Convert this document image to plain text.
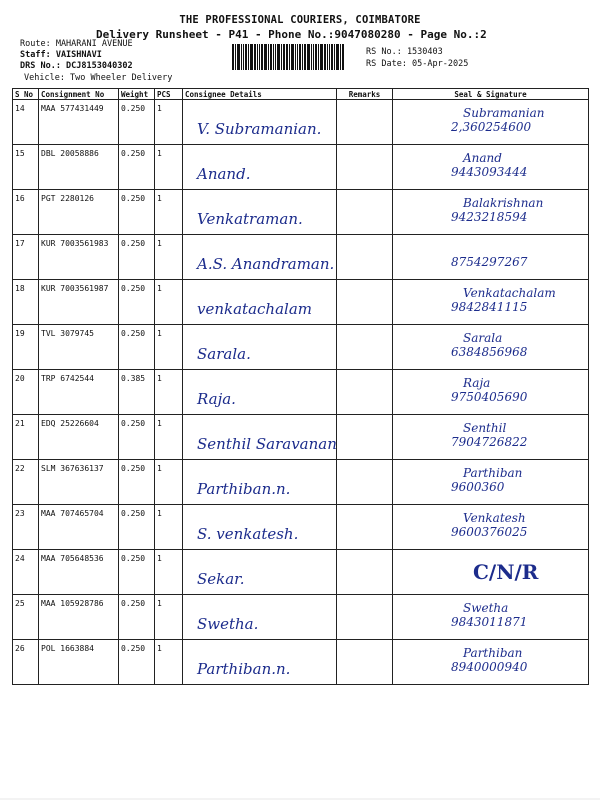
THE PROFESSIONAL COURIERS, COIMBATORE
Delivery Runsheet - P41 - Phone No.:9047080280 - Page No.:2
Route: MAHARANI AVENUE
Staff: VAISHNAVI
DRS No.: DCJ8153040302
Vehicle: Two Wheeler Delivery
RS No.: 1530403
RS Date: 05-Apr-2025
S No	Consignment No	Weight	PCS	Consignee Details	Remarks	Seal & Signature
14	MAA 577431449	0.250	1	V. Subramanian.		Subramanian
2,360254600

15	DBL 20058886	0.250	1	Anand.		Anand
9443093444

16	PGT 2280126	0.250	1	Venkatraman.		Balakrishnan
9423218594

17	KUR 7003561983	0.250	1	A.S. Anandraman.		8754297267

18	KUR 7003561987	0.250	1	venkatachalam		Venkatachalam
9842841115

19	TVL 3079745	0.250	1	Sarala.		Sarala
6384856968

20	TRP 6742544	0.385	1	Raja.		Raja
9750405690

21	EDQ 25226604	0.250	1	Senthil Saravanan		Senthil
7904726822

22	SLM 367636137	0.250	1	Parthiban.n.		Parthiban
9600360

23	MAA 707465704	0.250	1	S. venkatesh.		Venkatesh
9600376025

24	MAA 705648536	0.250	1	Sekar.		C/N/R

25	MAA 105928786	0.250	1	Swetha.		Swetha
9843011871

26	POL 1663884	0.250	1	Parthiban.n.		Parthiban
8940000940
